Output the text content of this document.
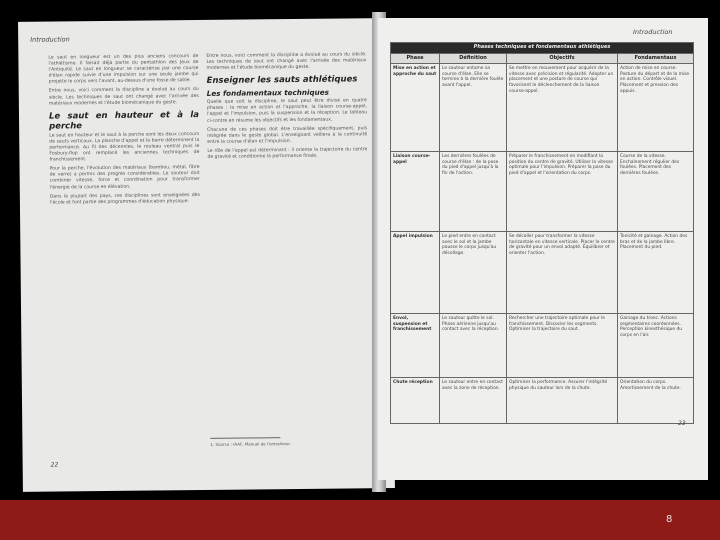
Introduction

Le saut en longueur est un des plus anciens concours de l'athlétisme. Il faisait déjà partie du pentathlon des Jeux de l'Antiquité. Le saut en longueur se caractérise par une course d'élan rapide suivie d'une impulsion sur une seule jambe qui projette le corps vers l'avant, au-dessus d'une fosse de sable.

Entre nous, voici comment la discipline a évolué au cours du siècle. Les techniques de saut ont changé avec l'arrivée des matériaux modernes et l'étude biomécanique du geste.

Le saut en hauteur et à la perche

Le saut en hauteur et le saut à la perche sont les deux concours de sauts verticaux. La planche d'appel et la barre déterminent la performance. Au fil des décennies, le rouleau ventral puis le Fosbury-flop ont remplacé les anciennes techniques de franchissement.

Pour la perche, l'évolution des matériaux (bambou, métal, fibre de verre) a permis des progrès considérables. Le sauteur doit combiner vitesse, force et coordination pour transformer l'énergie de la course en élévation.

Dans la plupart des pays, ces disciplines sont enseignées dès l'école et font partie des programmes d'éducation physique.

Entre nous, voici comment la discipline a évolué au cours du siècle. Les techniques de saut ont changé avec l'arrivée des matériaux modernes et l'étude biomécanique du geste.

Enseigner les sauts athlétiques
Les fondamentaux techniques

Quelle que soit la discipline, le saut peut être divisé en quatre phases : la mise en action et l'approche, la liaison course-appel, l'appel et l'impulsion, puis la suspension et la réception. Le tableau ci-contre en résume les objectifs et les fondamentaux.

Chacune de ces phases doit être travaillée spécifiquement, puis intégrée dans le geste global. L'enseignant veillera à la continuité entre la course d'élan et l'impulsion.

Le rôle de l'appel est déterminant : il oriente la trajectoire du centre de gravité et conditionne la performance finale.

1. Source : IAAF, Manuel de l'entraîneur.
22
Introduction
Phases techniques et fondamentaux athlétiques			
Phase	Définition	Objectifs	Fondamentaux
Mise en action et approche du saut	Le sauteur entame sa course d'élan. Elle se termine à la dernière foulée avant l'appel.	Se mettre en mouvement pour acquérir de la vitesse avec précision et régularité. Adopter un placement et une posture de course qui favorisent le déclenchement de la liaison course-appel.	Action de mise en course. Posture du départ et de la mise en action. Contrôle visuel. Placement et pression des appuis.
Liaison course-appel	Les dernières foulées de course d'élan : de la pose du pied d'appel jusqu'à la fin de l'action.	Préparer le franchissement en modifiant la position du centre de gravité. Utiliser la vitesse optimale pour l'impulsion. Préparer la pose du pied d'appel et l'orientation du corps.	Course de la vitesse. Enchaînement régulier des foulées. Placement des dernières foulées.
Appel impulsion	Le pied entre en contact avec le sol et la jambe pousse le corps jusqu'au décollage.	Se décoller pour transformer la vitesse horizontale en vitesse verticale. Placer le centre de gravité pour un envol adapté. Équilibrer et orienter l'action.	Tonicité et gainage. Action des bras et de la jambe libre. Placement du pied.
Envol, suspension et franchissement	Le sauteur quitte le sol. Phase aérienne jusqu'au contact avec la réception.	Rechercher une trajectoire optimale pour le franchissement. Dissocier les segments. Optimiser la trajectoire du saut.	Gainage du tronc. Actions segmentaires coordonnées. Perception kinesthésique du corps en l'air.
Chute réception	Le sauteur entre en contact avec la zone de réception.	Optimiser la performance. Assurer l'intégrité physique du sauteur lors de la chute.	Orientation du corps. Amortissement de la chute.
23
8
